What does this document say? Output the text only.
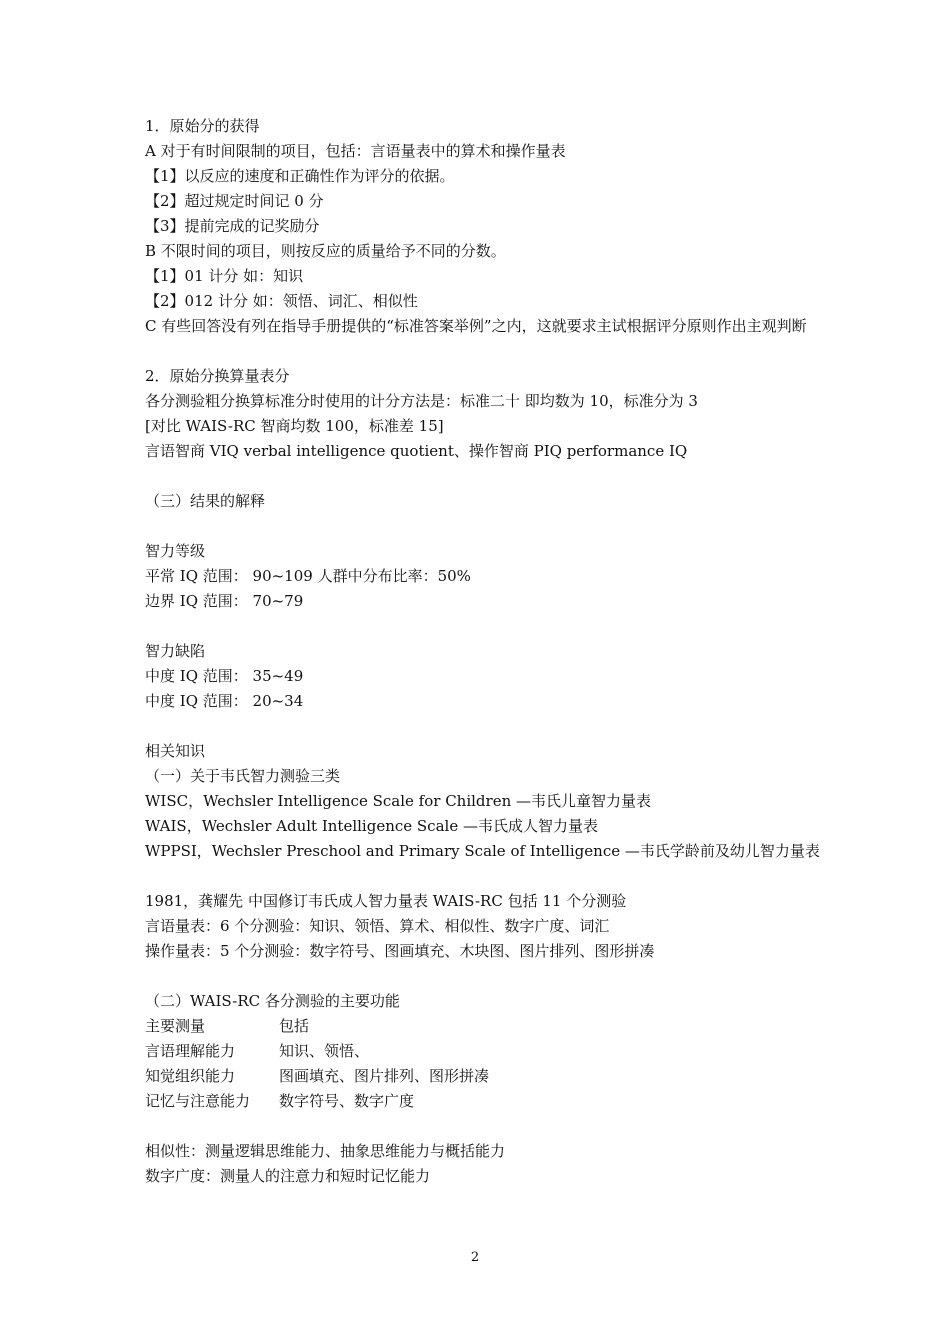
1．原始分的获得
A 对于有时间限制的项目，包括：言语量表中的算术和操作量表
【1】以反应的速度和正确性作为评分的依据。
【2】超过规定时间记 0 分
【3】提前完成的记奖励分
B 不限时间的项目，则按反应的质量给予不同的分数。
【1】01 计分 如：知识
【2】012 计分 如：领悟、词汇、相似性
C 有些回答没有列在指导手册提供的“标准答案举例”之内，这就要求主试根据评分原则作出主观判断
2．原始分换算量表分
各分测验粗分换算标准分时使用的计分方法是：标准二十 即均数为 10，标准分为 3
[对比 WAIS-RC 智商均数 100，标准差 15]
言语智商 VIQ verbal intelligence quotient、操作智商 PIQ performance IQ
（三）结果的解释
智力等级
平常 IQ 范围： 90~109 人群中分布比率：50%
边界 IQ 范围： 70~79
智力缺陷
中度 IQ 范围： 35~49
中度 IQ 范围： 20~34
相关知识
（一）关于韦氏智力测验三类
WISC，Wechsler Intelligence Scale for Children —韦氏儿童智力量表
WAIS，Wechsler Adult Intelligence Scale —韦氏成人智力量表
WPPSI，Wechsler Preschool and Primary Scale of Intelligence —韦氏学龄前及幼儿智力量表
1981，龚耀先 中国修订韦氏成人智力量表 WAIS-RC 包括 11 个分测验
言语量表：6 个分测验：知识、领悟、算术、相似性、数字广度、词汇
操作量表：5 个分测验：数字符号、图画填充、木块图、图片排列、图形拼凑
（二）WAIS-RC 各分测验的主要功能
主要测量	包括
言语理解能力	知识、领悟、
知觉组织能力	图画填充、图片排列、图形拼凑
记忆与注意能力	数字符号、数字广度
相似性：测量逻辑思维能力、抽象思维能力与概括能力
数字广度：测量人的注意力和短时记忆能力
2
